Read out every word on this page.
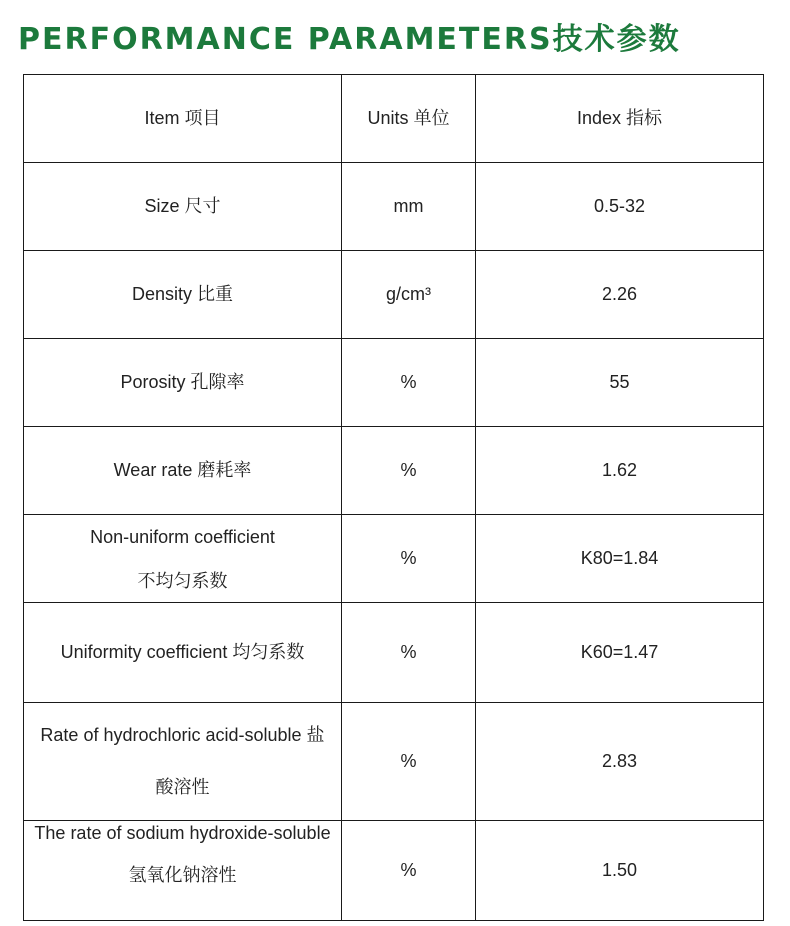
PERFORMANCE PARAMETERS技术参数
Item 项目	Units 单位	Index 指标
Size 尺寸	mm	0.5-32
Density 比重	g/cm³	2.26
Porosity 孔隙率	%	55
Wear rate 磨耗率	%	1.62
Non-uniform coefficient
不均匀系数	%	K80=1.84
Uniformity coefficient 均匀系数	%	K60=1.47
Rate of hydrochloric acid-soluble 盐
酸溶性	%	2.83
The rate of sodium hydroxide-soluble
氢氧化钠溶性	%	1.50
